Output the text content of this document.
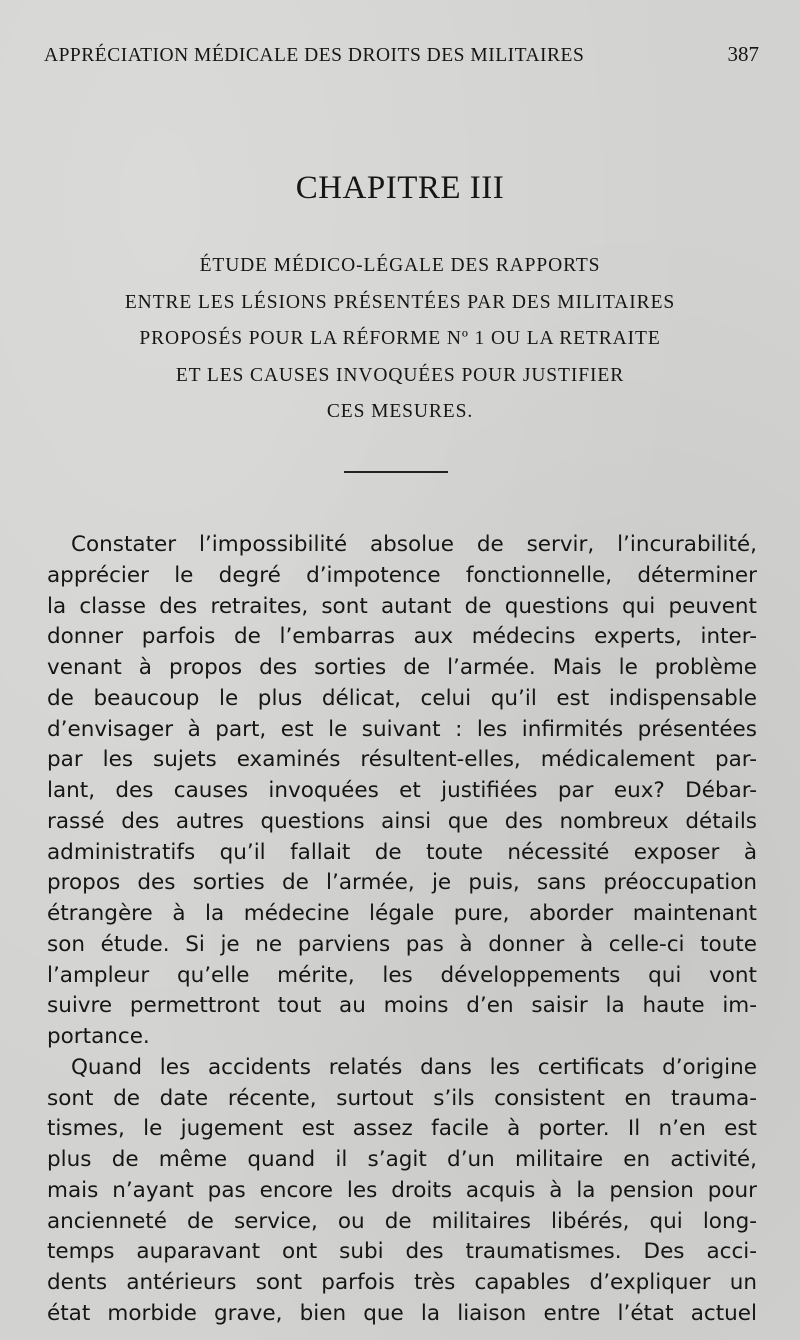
APPRÉCIATION MÉDICALE DES DROITS DES MILITAIRES	387
CHAPITRE III
ÉTUDE MÉDICO-LÉGALE DES RAPPORTS
ENTRE LES LÉSIONS PRÉSENTÉES PAR DES MILITAIRES
PROPOSÉS POUR LA RÉFORME Nº 1 OU LA RETRAITE
ET LES CAUSES INVOQUÉES POUR JUSTIFIER
CES MESURES.
Constater l’impossibilité absolue de servir, l’incurabilité,
apprécier le degré d’impotence fonctionnelle, déterminer
la classe des retraites, sont autant de questions qui peuvent
donner parfois de l’embarras aux médecins experts, inter-
venant à propos des sorties de l’armée. Mais le problème
de beaucoup le plus délicat, celui qu’il est indispensable
d’envisager à part, est le suivant : les infirmités présentées
par les sujets examinés résultent-elles, médicalement par-
lant, des causes invoquées et justifiées par eux? Débar-
rassé des autres questions ainsi que des nombreux détails
administratifs qu’il fallait de toute nécessité exposer à
propos des sorties de l’armée, je puis, sans préoccupation
étrangère à la médecine légale pure, aborder maintenant
son étude. Si je ne parviens pas à donner à celle-ci toute
l’ampleur qu’elle mérite, les développements qui vont
suivre permettront tout au moins d’en saisir la haute im-
portance.
Quand les accidents relatés dans les certificats d’origine
sont de date récente, surtout s’ils consistent en trauma-
tismes, le jugement est assez facile à porter. Il n’en est
plus de même quand il s’agit d’un militaire en activité,
mais n’ayant pas encore les droits acquis à la pension pour
ancienneté de service, ou de militaires libérés, qui long-
temps auparavant ont subi des traumatismes. Des acci-
dents antérieurs sont parfois très capables d’expliquer un
état morbide grave, bien que la liaison entre l’état actuel
